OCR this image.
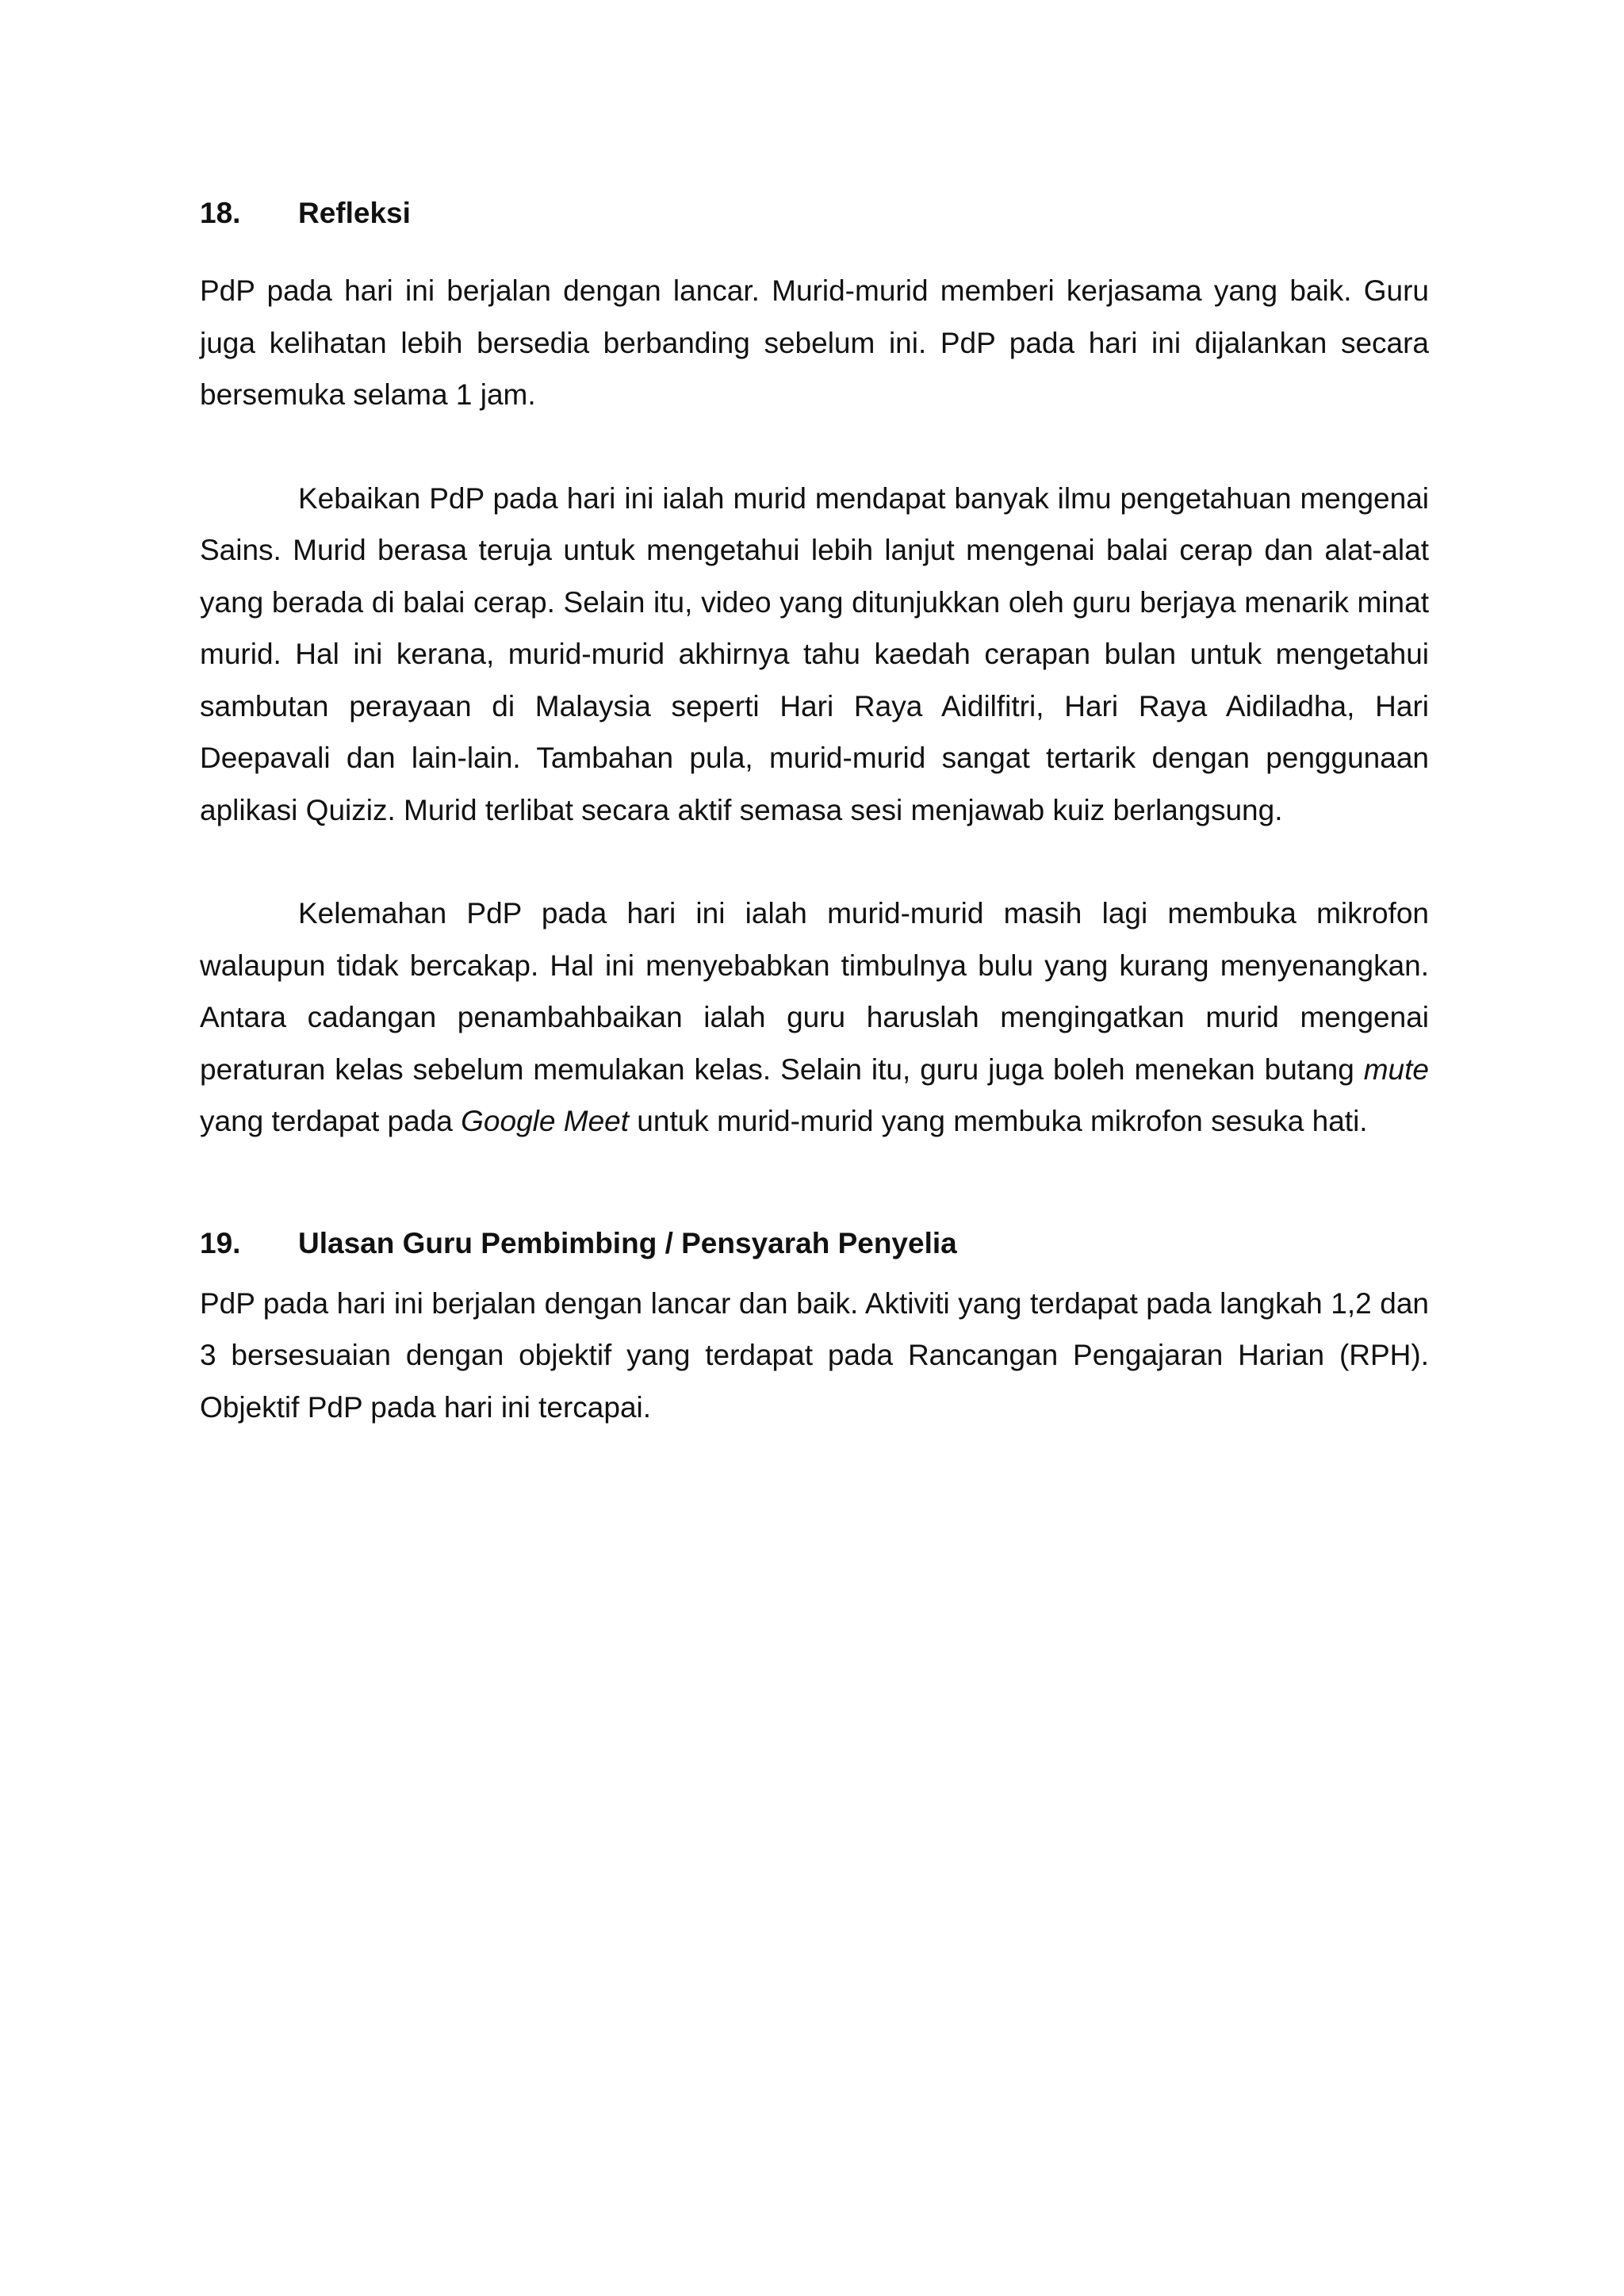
18.	Refleksi

PdP pada hari ini berjalan dengan lancar. Murid-murid memberi kerjasama yang baik. Guru juga kelihatan lebih bersedia berbanding sebelum ini. PdP pada hari ini dijalankan secara bersemuka selama 1 jam.

Kebaikan PdP pada hari ini ialah murid mendapat banyak ilmu pengetahuan mengenai Sains. Murid berasa teruja untuk mengetahui lebih lanjut mengenai balai cerap dan alat-alat yang berada di balai cerap. Selain itu, video yang ditunjukkan oleh guru berjaya menarik minat murid. Hal ini kerana, murid-murid akhirnya tahu kaedah cerapan bulan untuk mengetahui sambutan perayaan di Malaysia seperti Hari Raya Aidilfitri, Hari Raya Aidiladha, Hari Deepavali dan lain-lain. Tambahan pula, murid-murid sangat tertarik dengan penggunaan aplikasi Quiziz. Murid terlibat secara aktif semasa sesi menjawab kuiz berlangsung.

Kelemahan PdP pada hari ini ialah murid-murid masih lagi membuka mikrofon walaupun tidak bercakap. Hal ini menyebabkan timbulnya bulu yang kurang menyenangkan. Antara cadangan penambahbaikan ialah guru haruslah mengingatkan murid mengenai peraturan kelas sebelum memulakan kelas. Selain itu, guru juga boleh menekan butang mute yang terdapat pada Google Meet untuk murid-murid yang membuka mikrofon sesuka hati.

19.	Ulasan Guru Pembimbing / Pensyarah Penyelia

PdP pada hari ini berjalan dengan lancar dan baik. Aktiviti yang terdapat pada langkah 1,2 dan 3 bersesuaian dengan objektif yang terdapat pada Rancangan Pengajaran Harian (RPH). Objektif PdP pada hari ini tercapai.
